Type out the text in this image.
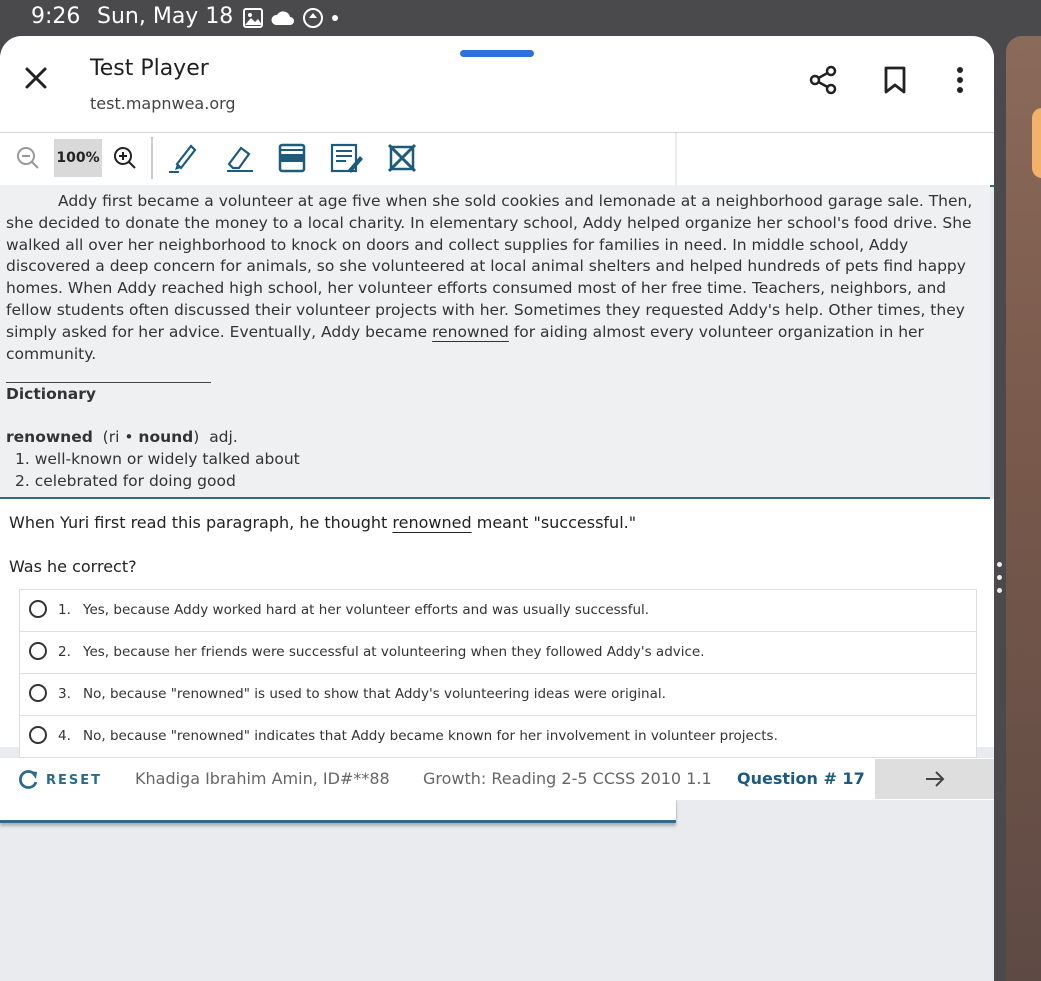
9:26 Sun, May 18
Test Player
test.mapnwea.org
100%
Addy first became a volunteer at age five when she sold cookies and lemonade at a neighborhood garage sale. Then, she decided to donate the money to a local charity. In elementary school, Addy helped organize her school's food drive. She walked all over her neighborhood to knock on doors and collect supplies for families in need. In middle school, Addy discovered a deep concern for animals, so she volunteered at local animal shelters and helped hundreds of pets find happy homes. When Addy reached high school, her volunteer efforts consumed most of her free time. Teachers, neighbors, and fellow students often discussed their volunteer projects with her. Sometimes they requested Addy's help. Other times, they simply asked for her advice. Eventually, Addy became renowned for aiding almost every volunteer organization in her community.
Dictionary
renowned (ri • nound) adj.
1. well-known or widely talked about
2. celebrated for doing good
When Yuri first read this paragraph, he thought renowned meant "successful."
Was he correct?
1. Yes, because Addy worked hard at her volunteer efforts and was usually successful.
2. Yes, because her friends were successful at volunteering when they followed Addy's advice.
3. No, because "renowned" is used to show that Addy's volunteering ideas were original.
4. No, because "renowned" indicates that Addy became known for her involvement in volunteer projects.
RESET Khadiga Ibrahim Amin, ID#**88 Growth: Reading 2-5 CCSS 2010 1.1 Question # 17
